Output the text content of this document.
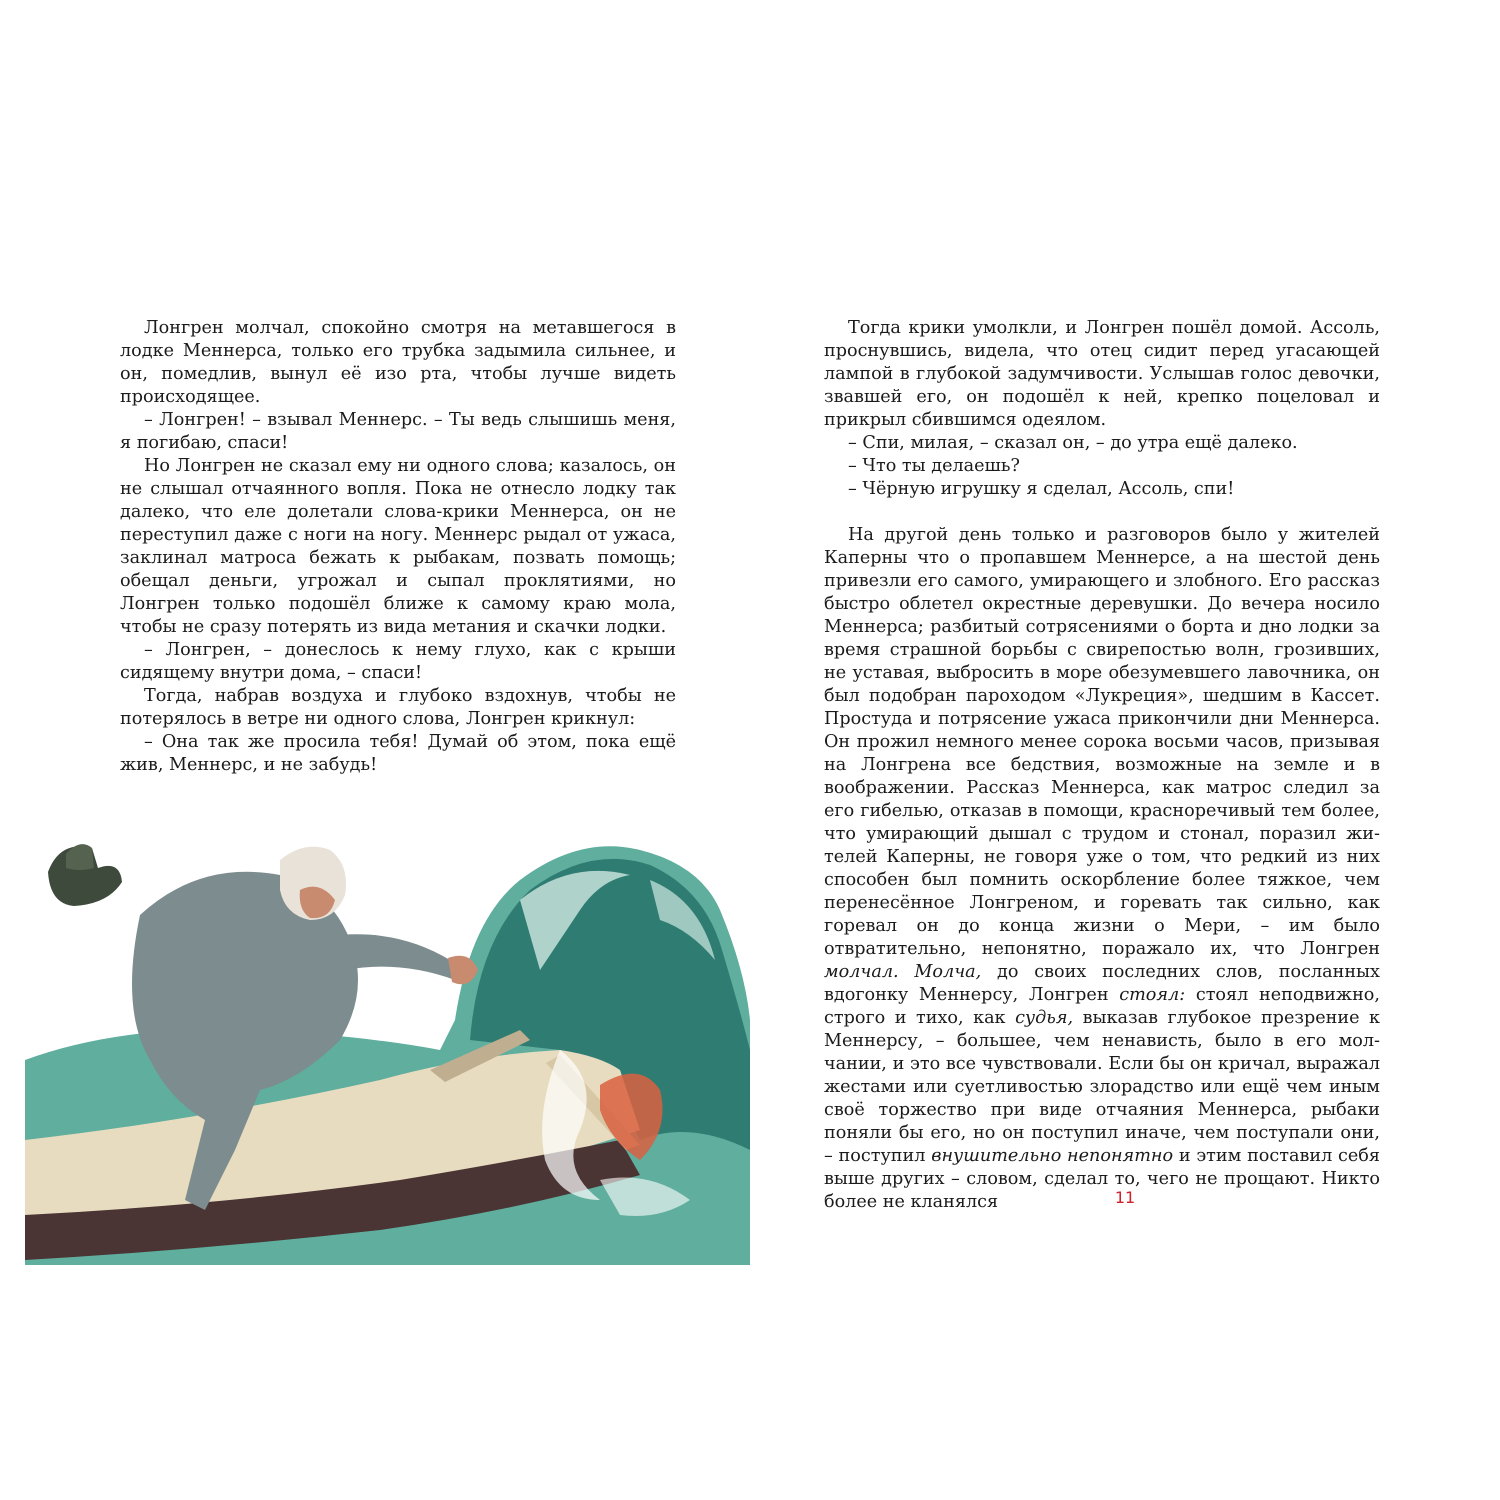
Лонгрен молчал, спокойно смотря на метавшегося в лодке Меннерса, только его трубка задымила сильнее, и он, помедлив, вынул её изо рта, чтобы лучше видеть происходящее.

– Лонгрен! – взывал Меннерс. – Ты ведь слышишь меня, я погибаю, спаси!

Но Лонгрен не сказал ему ни одного слова; казалось, он не слышал отчаянного вопля. Пока не отнесло лодку так далеко, что еле долетали слова-крики Меннерса, он не переступил даже с ноги на ногу. Меннерс рыдал от ужаса, заклинал матроса бежать к рыбакам, позвать помощь; обещал деньги, угрожал и сыпал проклятиями, но Лонгрен только подошёл ближе к самому краю мола, чтобы не сразу потерять из вида метания и скачки лодки.

– Лонгрен, – донеслось к нему глухо, как с крыши сидящему внутри дома, – спаси!

Тогда, набрав воздуха и глубоко вздохнув, чтобы не потерялось в ветре ни одного слова, Лонгрен крикнул:

– Она так же просила тебя! Думай об этом, пока ещё жив, Меннерс, и не забудь!

Тогда крики умолкли, и Лонгрен пошёл домой. Ассоль, проснувшись, видела, что отец сидит перед угасающей лампой в глубокой задумчивости. Услышав голос девочки, звавшей его, он подошёл к ней, крепко поцеловал и прикрыл сбившимся одеялом.

– Спи, милая, – сказал он, – до утра ещё далеко.

– Что ты делаешь?

– Чёрную игрушку я сделал, Ассоль, спи!

На другой день только и разговоров было у жителей Каперны что о пропавшем Меннерсе, а на шестой день привезли его самого, умирающего и злобного. Его рассказ быстро облетел окрестные деревушки. До вечера носило Меннерса; разбитый сотрясениями о борта и дно лодки за время страшной борьбы с свирепостью волн, грозивших, не уставая, выбросить в море обезумевшего лавочника, он был подобран пароходом «Лукреция», шедшим в Кассет. Простуда и потрясение ужаса прикончили дни Меннерса. Он прожил немного менее сорока восьми часов, призывая на Лонгрена все бедствия, возможные на земле и в воображении. Рассказ Меннерса, как матрос следил за его гибелью, отказав в помощи, красноречивый тем более, что умирающий дышал с трудом и стонал, поразил жителей Каперны, не говоря уже о том, что редкий из них способен был помнить оскорбление более тяжкое, чем перенесённое Лонгреном, и горевать так сильно, как горевал он до конца жизни о Мери, – им было отвратительно, непонятно, поражало их, что Лонгрен молчал. Молча, до своих последних слов, посланных вдогонку Меннерсу, Лонгрен стоял: стоял неподвижно, строго и тихо, как судья, выказав глубокое презрение к Меннерсу, – большее, чем ненависть, было в его молчании, и это все чувствовали. Если бы он кричал, выражал жестами или суетливостью злорадство или ещё чем иным своё торжество при виде отчаяния Меннерса, рыбаки поняли бы его, но он поступил иначе, чем поступали они, – поступил внушительно непонятно и этим поставил себя выше других – словом, сделал то, чего не прощают. Никто более не кланялся	11
